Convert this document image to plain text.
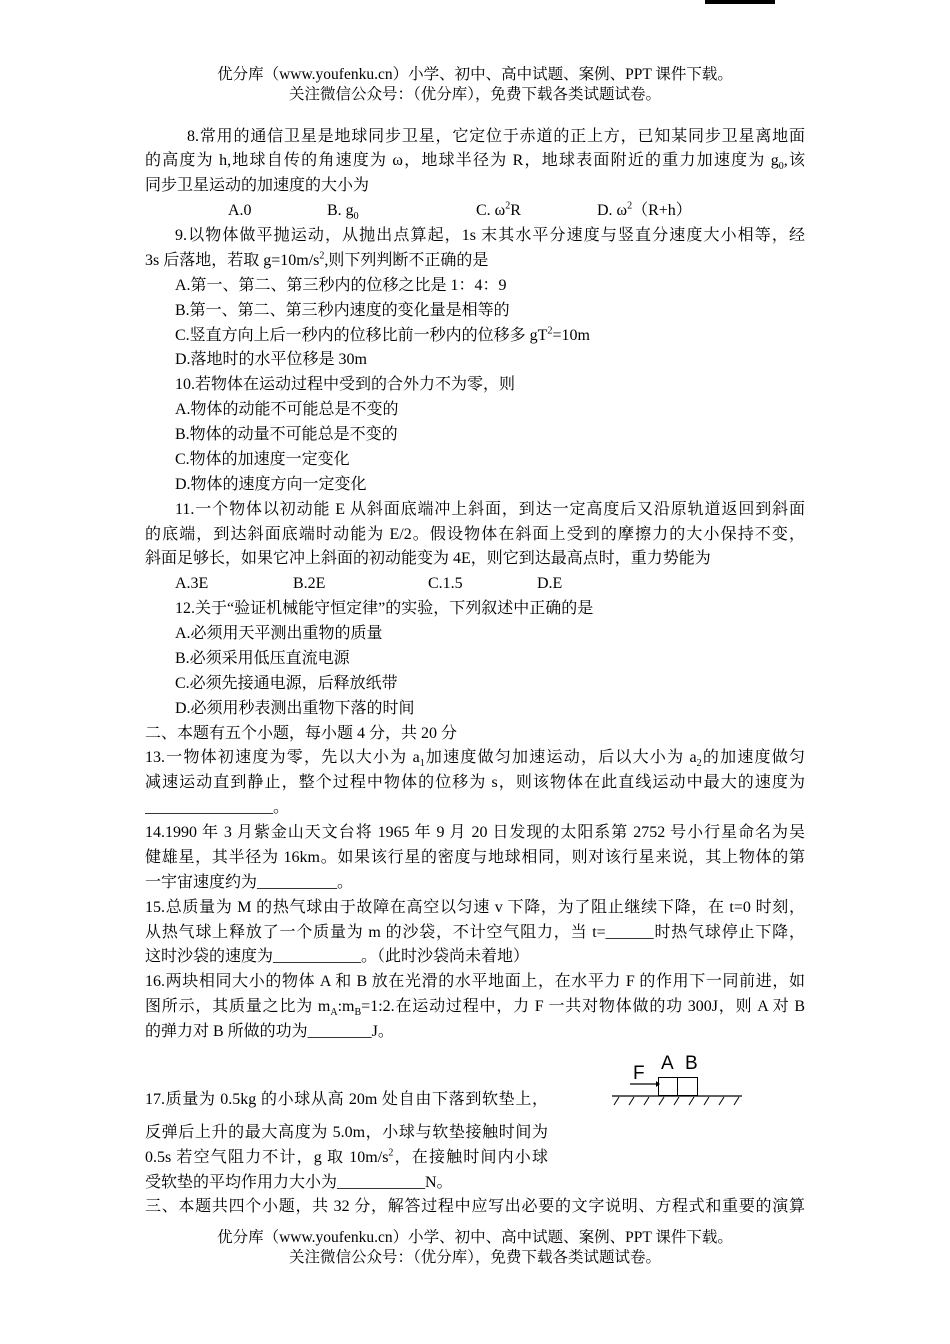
优分库（www.youfenku.cn）小学、初中、高中试题、案例、PPT 课件下载。
关注微信公众号：（优分库），免费下载各类试题试卷。
8.常用的通信卫星是地球同步卫星，它定位于赤道的正上方，已知某同步卫星离地面
的高度为 h,地球自传的角速度为 ω，地球半径为 R，地球表面附近的重力加速度为 $g_0$,该
同步卫星运动的加速度的大小为
A.0	B. $g_0$	C. $\omega^2R$	D. $\omega^2(R+h)$
9.以物体做平抛运动，从抛出点算起，1s 末其水平分速度与竖直分速度大小相等，经
3s 后落地，若取 $g=10m/s^2$,则下列判断不正确的是
A.第一、第二、第三秒内的位移之比是 1：4：9
B.第一、第二、第三秒内速度的变化量是相等的
C.竖直方向上后一秒内的位移比前一秒内的位移多 $gT^2=10m$
D.落地时的水平位移是 30m
10.若物体在运动过程中受到的合外力不为零，则
A.物体的动能不可能总是不变的
B.物体的动量不可能总是不变的
C.物体的加速度一定变化
D.物体的速度方向一定变化
11.一个物体以初动能 E 从斜面底端冲上斜面，到达一定高度后又沿原轨道返回到斜面
的底端，到达斜面底端时动能为 E/2。假设物体在斜面上受到的摩擦力的大小保持不变，
斜面足够长，如果它冲上斜面的初动能变为 4E，则它到达最高点时，重力势能为
A.3E	B.2E	C.1.5	D.E
12.关于“验证机械能守恒定律”的实验，下列叙述中正确的是
A.必须用天平测出重物的质量
B.必须采用低压直流电源
C.必须先接通电源，后释放纸带
D.必须用秒表测出重物下落的时间
二、本题有五个小题，每小题 4 分，共 20 分
13.一物体初速度为零，先以大小为 $a_1$加速度做匀加速运动，后以大小为 $a_2$的加速度做匀
减速运动直到静止，整个过程中物体的位移为 s，则该物体在此直线运动中最大的速度为
________________。
14.1990 年 3 月紫金山天文台将 1965 年 9 月 20 日发现的太阳系第 2752 号小行星命名为吴
健雄星，其半径为 16km。如果该行星的密度与地球相同，则对该行星来说，其上物体的第
一宇宙速度约为__________。
15.总质量为 M 的热气球由于故障在高空以匀速 v 下降，为了阻止继续下降，在 t=0 时刻，
从热气球上释放了一个质量为 m 的沙袋，不计空气阻力，当 t=______时热气球停止下降，
这时沙袋的速度为___________。（此时沙袋尚未着地）
16.两块相同大小的物体 A 和 B 放在光滑的水平地面上，在水平力 F 的作用下一同前进，如
图所示，其质量之比为 $m_A:m_B=1:2$.在运动过程中，力 F 一共对物体做的功 300J，则 A 对 B
的弹力对 B 所做的功为________J。
F A B
17.质量为 0.5kg 的小球从高 20m 处自由下落到软垫上，
反弹后上升的最大高度为 5.0m，小球与软垫接触时间为
0.5s 若空气阻力不计，g 取 $10m/s^2$，在接触时间内小球
受软垫的平均作用力大小为___________N。
三、本题共四个小题，共 32 分，解答过程中应写出必要的文字说明、方程式和重要的演算
优分库（www.youfenku.cn）小学、初中、高中试题、案例、PPT 课件下载。
关注微信公众号：（优分库），免费下载各类试题试卷。
